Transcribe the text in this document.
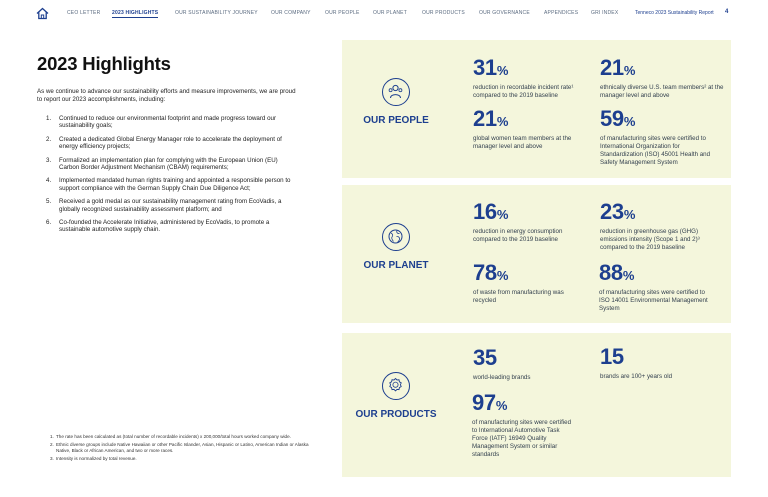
CEO LETTER 2023 HIGHLIGHTS	OUR SUSTAINABILITY JOURNEY	OUR COMPANY	OUR PEOPLE	OUR PLANET	OUR PRODUCTS	OUR GOVERNANCE	APPENDICES	GRI INDEX	Tenneco 2023 Sustainability Report 4
2023 Highlights

As we continue to advance our sustainability efforts and measure improvements, we are proud to report our 2023 accomplishments, including:

1. Continued to reduce our environmental footprint and made progress toward our sustainability goals;
2. Created a dedicated Global Energy Manager role to accelerate the deployment of energy efficiency projects;
3. Formalized an implementation plan for complying with the European Union (EU) Carbon Border Adjustment Mechanism (CBAM) requirements;
4. Implemented mandated human rights training and appointed a responsible person to support compliance with the German Supply Chain Due Diligence Act;
5. Received a gold medal as our sustainability management rating from EcoVadis, a globally recognized sustainability assessment platform; and
6. Co-founded the Accelerate Initiative, administered by EcoVadis, to promote a sustainable automotive supply chain.
1. The rate has been calculated as (total number of recordable incidents) x 200,000/total hours worked company wide.
2. Ethnic diverse groups include Native Hawaiian or other Pacific Islander, Asian, Hispanic or Latino, American Indian or Alaska Native, Black or African American, and two or more races.
3. Intensity is normalized by total revenue.
OUR PEOPLE
31%
reduction in recordable incident rate¹ compared to the 2019 baseline
21%
ethnically diverse U.S. team members² at the manager level and above
21%
global women team members at the manager level and above
59%
of manufacturing sites were certified to International Organization for Standardization (ISO) 45001 Health and Safety Management System
OUR PLANET
16%
reduction in energy consumption compared to the 2019 baseline
23%
reduction in greenhouse gas (GHG) emissions intensity (Scope 1 and 2)³ compared to the 2019 baseline
78%
of waste from manufacturing was recycled
88%
of manufacturing sites were certified to ISO 14001 Environmental Management System
OUR PRODUCTS
35
world-leading brands
15
brands are 100+ years old
97%
of manufacturing sites were certified to International Automotive Task Force (IATF) 16949 Quality Management System or similar standards
